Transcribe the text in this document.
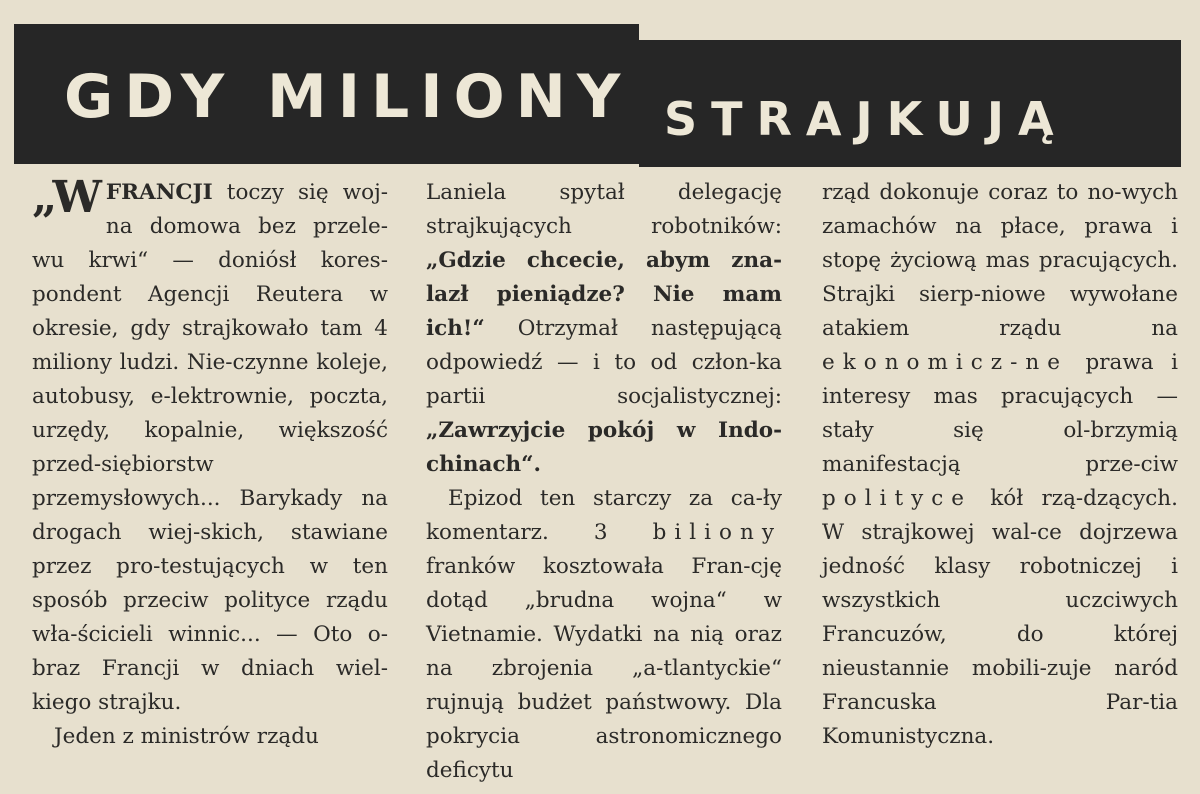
GDY MILIONY STRAJKUJĄ

„WFRANCJI toczy się woj-na domowa bez przele-wu krwi“ — doniósł kores-pondent Agencji Reutera w okresie, gdy strajkowało tam 4 miliony ludzi. Nie-czynne koleje, autobusy, e-lektrownie, poczta, urzędy, kopalnie, większość przed-siębiorstw przemysłowych... Barykady na drogach wiej-skich, stawiane przez pro-testujących w ten sposób przeciw polityce rządu wła-ścicieli winnic... — Oto o-braz Francji w dniach wiel-kiego strajku.

Jeden z ministrów rządu

Laniela spytał delegację strajkujących robotników: „Gdzie chcecie, abym zna-lazł pieniądze? Nie mam ich!“ Otrzymał następującą odpowiedź — i to od człon-ka partii socjalistycznej: „Zawrzyjcie pokój w Indo-chinach“.

Epizod ten starczy za ca-ły komentarz. 3 biliony franków kosztowała Fran-cję dotąd „brudna wojna“ w Vietnamie. Wydatki na nią oraz na zbrojenia „a-tlantyckie“ rujnują budżet państwowy. Dla pokrycia astronomicznego deficytu

rząd dokonuje coraz to no-wych zamachów na płace, prawa i stopę życiową mas pracujących. Strajki sierp-niowe wywołane atakiem rządu na ekonomicz-ne prawa i interesy mas pracujących — stały się ol-brzymią manifestacją prze-ciw polityce kół rzą-dzących. W strajkowej wal-ce dojrzewa jedność klasy robotniczej i wszystkich uczciwych Francuzów, do której nieustannie mobili-zuje naród Francuska Par-tia Komunistyczna.
